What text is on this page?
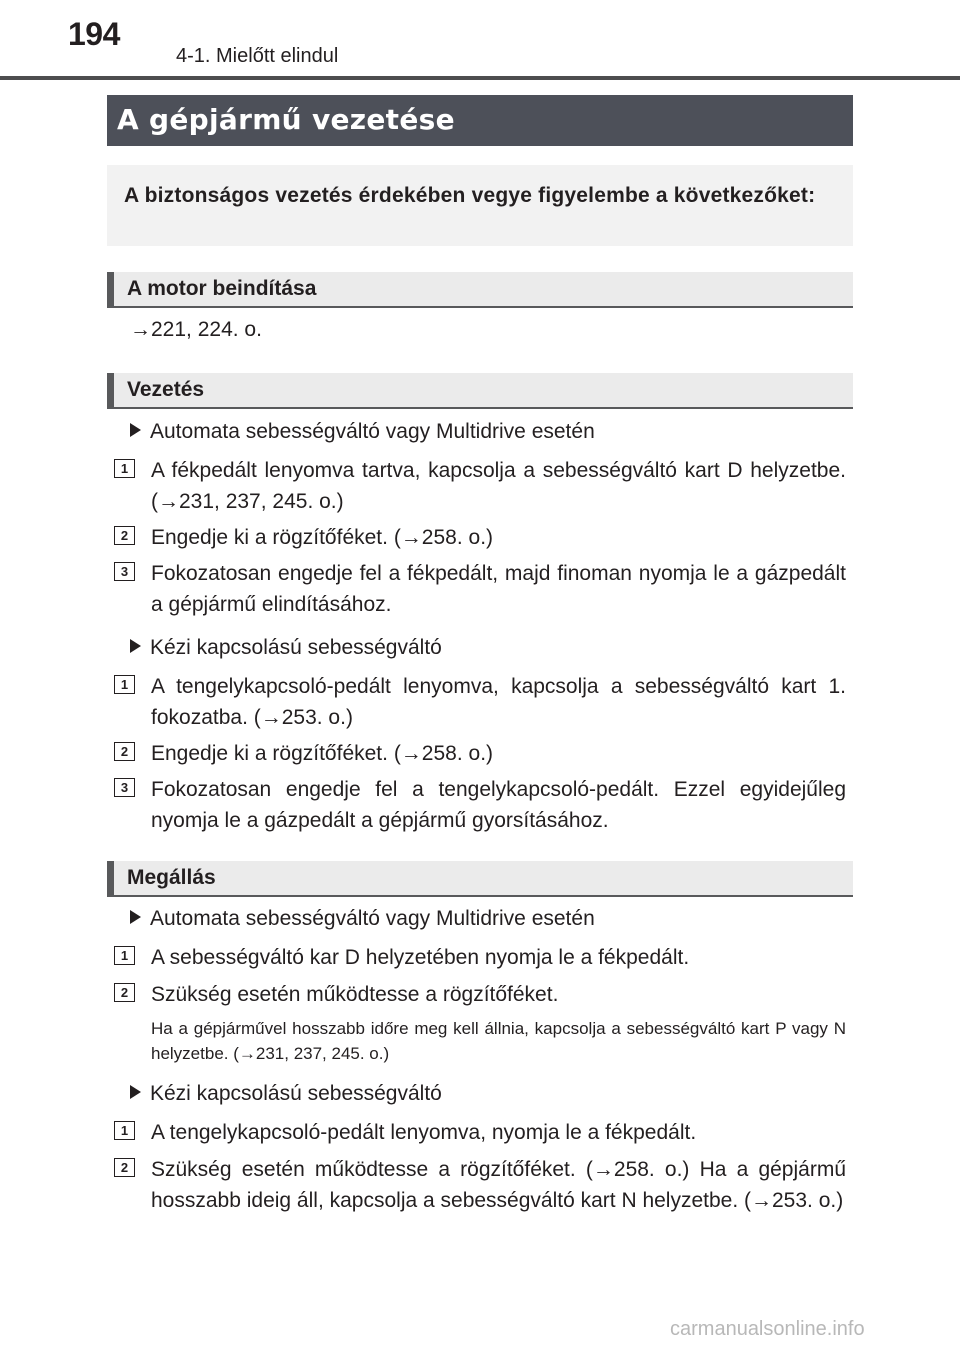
194
4-1. Mielőtt elindul
A gépjármű vezetése
A biztonságos vezetés érdekében vegye figyelembe a következőket:
A motor beindítása
→221, 224. o.
Vezetés
Automata sebességváltó vagy Multidrive esetén
1	A fékpedált lenyomva tartva, kapcsolja a sebességváltó kart D helyzetbe. (→231, 237, 245. o.)
2	Engedje ki a rögzítőféket. (→258. o.)
3	Fokozatosan engedje fel a fékpedált, majd finoman nyomja le a gázpedált a gépjármű elindításához.
Kézi kapcsolású sebességváltó
1	A tengelykapcsoló-pedált lenyomva, kapcsolja a sebességváltó kart 1. fokozatba. (→253. o.)
2	Engedje ki a rögzítőféket. (→258. o.)
3	Fokozatosan engedje fel a tengelykapcsoló-pedált. Ezzel egyidejűleg nyomja le a gázpedált a gépjármű gyorsításához.
Megállás
Automata sebességváltó vagy Multidrive esetén
1	A sebességváltó kar D helyzetében nyomja le a fékpedált.
2	Szükség esetén működtesse a rögzítőféket.
Ha a gépjárművel hosszabb időre meg kell állnia, kapcsolja a sebességváltó kart P vagy N helyzetbe. (→231, 237, 245. o.)
Kézi kapcsolású sebességváltó
1	A tengelykapcsoló-pedált lenyomva, nyomja le a fékpedált.
2	Szükség esetén működtesse a rögzítőféket. (→258. o.) Ha a gépjármű hosszabb ideig áll, kapcsolja a sebességváltó kart N helyzetbe. (→253. o.)
carmanualsonline.info
